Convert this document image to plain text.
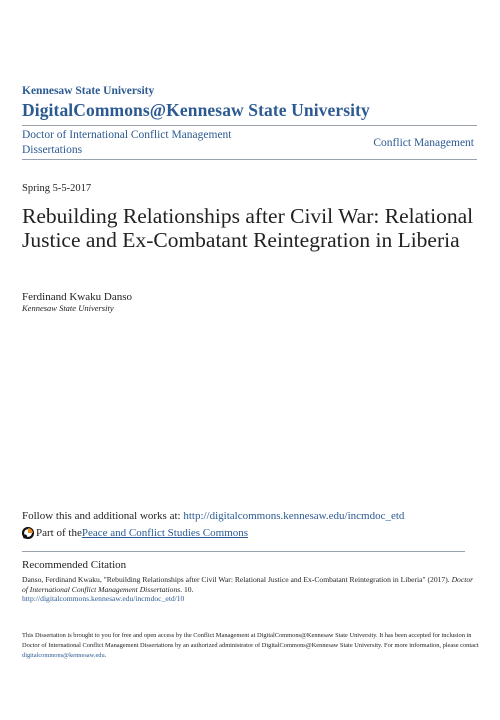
Kennesaw State University
DigitalCommons@Kennesaw State University
Doctor of International Conflict Management Dissertations
Conflict Management
Spring 5-5-2017
Rebuilding Relationships after Civil War: Relational Justice and Ex-Combatant Reintegration in Liberia
Ferdinand Kwaku Danso
Kennesaw State University
Follow this and additional works at: http://digitalcommons.kennesaw.edu/incmdoc_etd
Part of the Peace and Conflict Studies Commons
Recommended Citation
Danso, Ferdinand Kwaku, "Rebuilding Relationships after Civil War: Relational Justice and Ex-Combatant Reintegration in Liberia" (2017). Doctor of International Conflict Management Dissertations. 10.
http://digitalcommons.kennesaw.edu/incmdoc_etd/10
This Dissertation is brought to you for free and open access by the Conflict Management at DigitalCommons@Kennesaw State University. It has been accepted for inclusion in Doctor of International Conflict Management Dissertations by an authorized administrator of DigitalCommons@Kennesaw State University. For more information, please contact digitalcommons@kennesaw.edu.
